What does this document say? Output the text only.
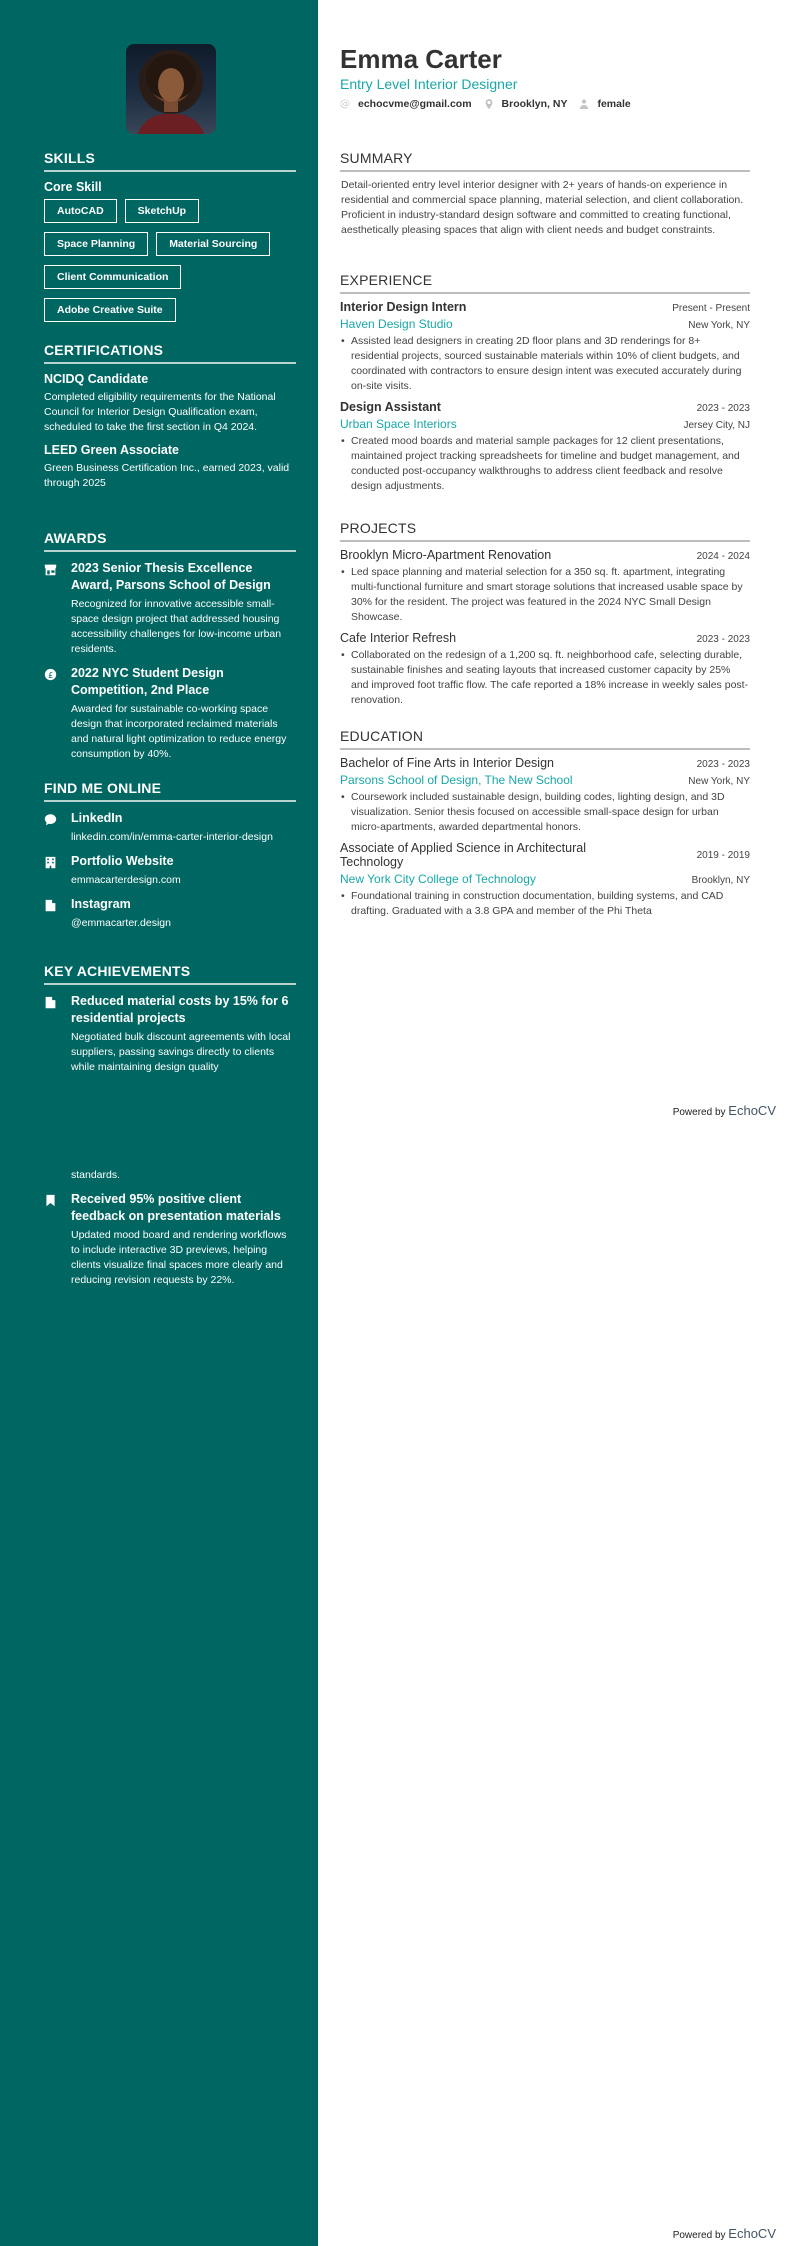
SKILLS
Core Skill
AutoCAD	SketchUp
Space Planning	Material Sourcing
Client Communication
Adobe Creative Suite
CERTIFICATIONS
NCIDQ Candidate
Completed eligibility requirements for the National Council for Interior Design Qualification exam, scheduled to take the first section in Q4 2024.
LEED Green Associate
Green Business Certification Inc., earned 2023, valid through 2025
AWARDS
2023 Senior Thesis Excellence Award, Parsons School of Design
Recognized for innovative accessible small-space design project that addressed housing accessibility challenges for low-income urban residents.
£ 2022 NYC Student Design Competition, 2nd Place
Awarded for sustainable co-working space design that incorporated reclaimed materials and natural light optimization to reduce energy consumption by 40%.
FIND ME ONLINE
LinkedIn
linkedin.com/in/emma-carter-interior-design
Portfolio Website
emmacarterdesign.com
Instagram
@emmacarter.design
KEY ACHIEVEMENTS
Reduced material costs by 15% for 6 residential projects
Negotiated bulk discount agreements with local suppliers, passing savings directly to clients while maintaining design quality
standards.
Received 95% positive client feedback on presentation materials
Updated mood board and rendering workflows to include interactive 3D previews, helping clients visualize final spaces more clearly and reducing revision requests by 22%.
Emma Carter
Entry Level Interior Designer
echocvme@gmail.com	Brooklyn, NY	female
SUMMARY
Detail-oriented entry level interior designer with 2+ years of hands-on experience in residential and commercial space planning, material selection, and client collaboration. Proficient in industry-standard design software and committed to creating functional, aesthetically pleasing spaces that align with client needs and budget constraints.
EXPERIENCE
Interior Design Intern	Present - Present
Haven Design Studio	New York, NY
• Assisted lead designers in creating 2D floor plans and 3D renderings for 8+ residential projects, sourced sustainable materials within 10% of client budgets, and coordinated with contractors to ensure design intent was executed accurately during on-site visits.
Design Assistant	2023 - 2023
Urban Space Interiors	Jersey City, NJ
• Created mood boards and material sample packages for 12 client presentations, maintained project tracking spreadsheets for timeline and budget management, and conducted post-occupancy walkthroughs to address client feedback and resolve design adjustments.
PROJECTS
Brooklyn Micro-Apartment Renovation	2024 - 2024
• Led space planning and material selection for a 350 sq. ft. apartment, integrating multi-functional furniture and smart storage solutions that increased usable space by 30% for the resident. The project was featured in the 2024 NYC Small Design Showcase.
Cafe Interior Refresh	2023 - 2023
• Collaborated on the redesign of a 1,200 sq. ft. neighborhood cafe, selecting durable, sustainable finishes and seating layouts that increased customer capacity by 25% and improved foot traffic flow. The cafe reported a 18% increase in weekly sales post-renovation.
EDUCATION
Bachelor of Fine Arts in Interior Design	2023 - 2023
Parsons School of Design, The New School	New York, NY
• Coursework included sustainable design, building codes, lighting design, and 3D visualization. Senior thesis focused on accessible small-space design for urban micro-apartments, awarded departmental honors.
Associate of Applied Science in Architectural Technology	2019 - 2019
New York City College of Technology	Brooklyn, NY
• Foundational training in construction documentation, building systems, and CAD drafting. Graduated with a 3.8 GPA and member of the Phi Theta
Powered by EchoCV
Powered by EchoCV
